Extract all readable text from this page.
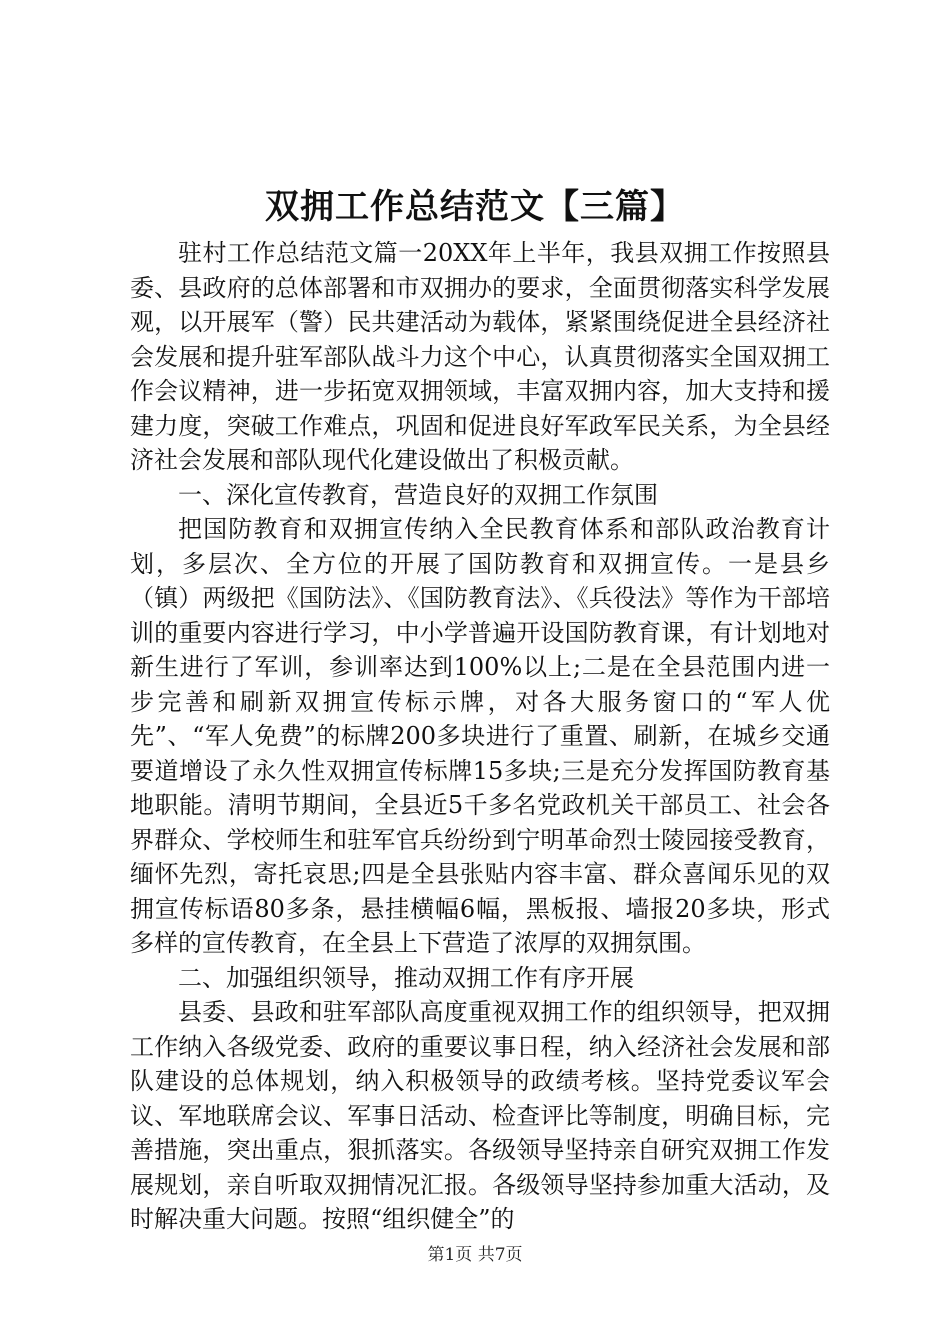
双拥工作总结范文【三篇】

驻村工作总结范文篇一20XX年上半年，我县双拥工作按照县委、县政府的总体部署和市双拥办的要求，全面贯彻落实科学发展观，以开展军（警）民共建活动为载体，紧紧围绕促进全县经济社会发展和提升驻军部队战斗力这个中心，认真贯彻落实全国双拥工作会议精神，进一步拓宽双拥领域，丰富双拥内容，加大支持和援建力度，突破工作难点，巩固和促进良好军政军民关系，为全县经济社会发展和部队现代化建设做出了积极贡献。

一、深化宣传教育，营造良好的双拥工作氛围

把国防教育和双拥宣传纳入全民教育体系和部队政治教育计划，多层次、全方位的开展了国防教育和双拥宣传。一是县乡（镇）两级把《国防法》、《国防教育法》、《兵役法》等作为干部培训的重要内容进行学习，中小学普遍开设国防教育课，有计划地对新生进行了军训，参训率达到100%以上;二是在全县范围内进一步完善和刷新双拥宣传标示牌，对各大服务窗口的“军人优先”、“军人免费”的标牌200多块进行了重置、刷新，在城乡交通要道增设了永久性双拥宣传标牌15多块;三是充分发挥国防教育基地职能。清明节期间，全县近5千多名党政机关干部员工、社会各界群众、学校师生和驻军官兵纷纷到宁明革命烈士陵园接受教育，缅怀先烈，寄托哀思;四是全县张贴内容丰富、群众喜闻乐见的双拥宣传标语80多条，悬挂横幅6幅，黑板报、墙报20多块，形式多样的宣传教育，在全县上下营造了浓厚的双拥氛围。

二、加强组织领导，推动双拥工作有序开展

县委、县政和驻军部队高度重视双拥工作的组织领导，把双拥工作纳入各级党委、政府的重要议事日程，纳入经济社会发展和部队建设的总体规划，纳入积极领导的政绩考核。坚持党委议军会议、军地联席会议、军事日活动、检查评比等制度，明确目标，完善措施，突出重点，狠抓落实。各级领导坚持亲自研究双拥工作发展规划，亲自听取双拥情况汇报。各级领导坚持参加重大活动，及时解决重大问题。按照“组织健全”的

第1页 共7页
